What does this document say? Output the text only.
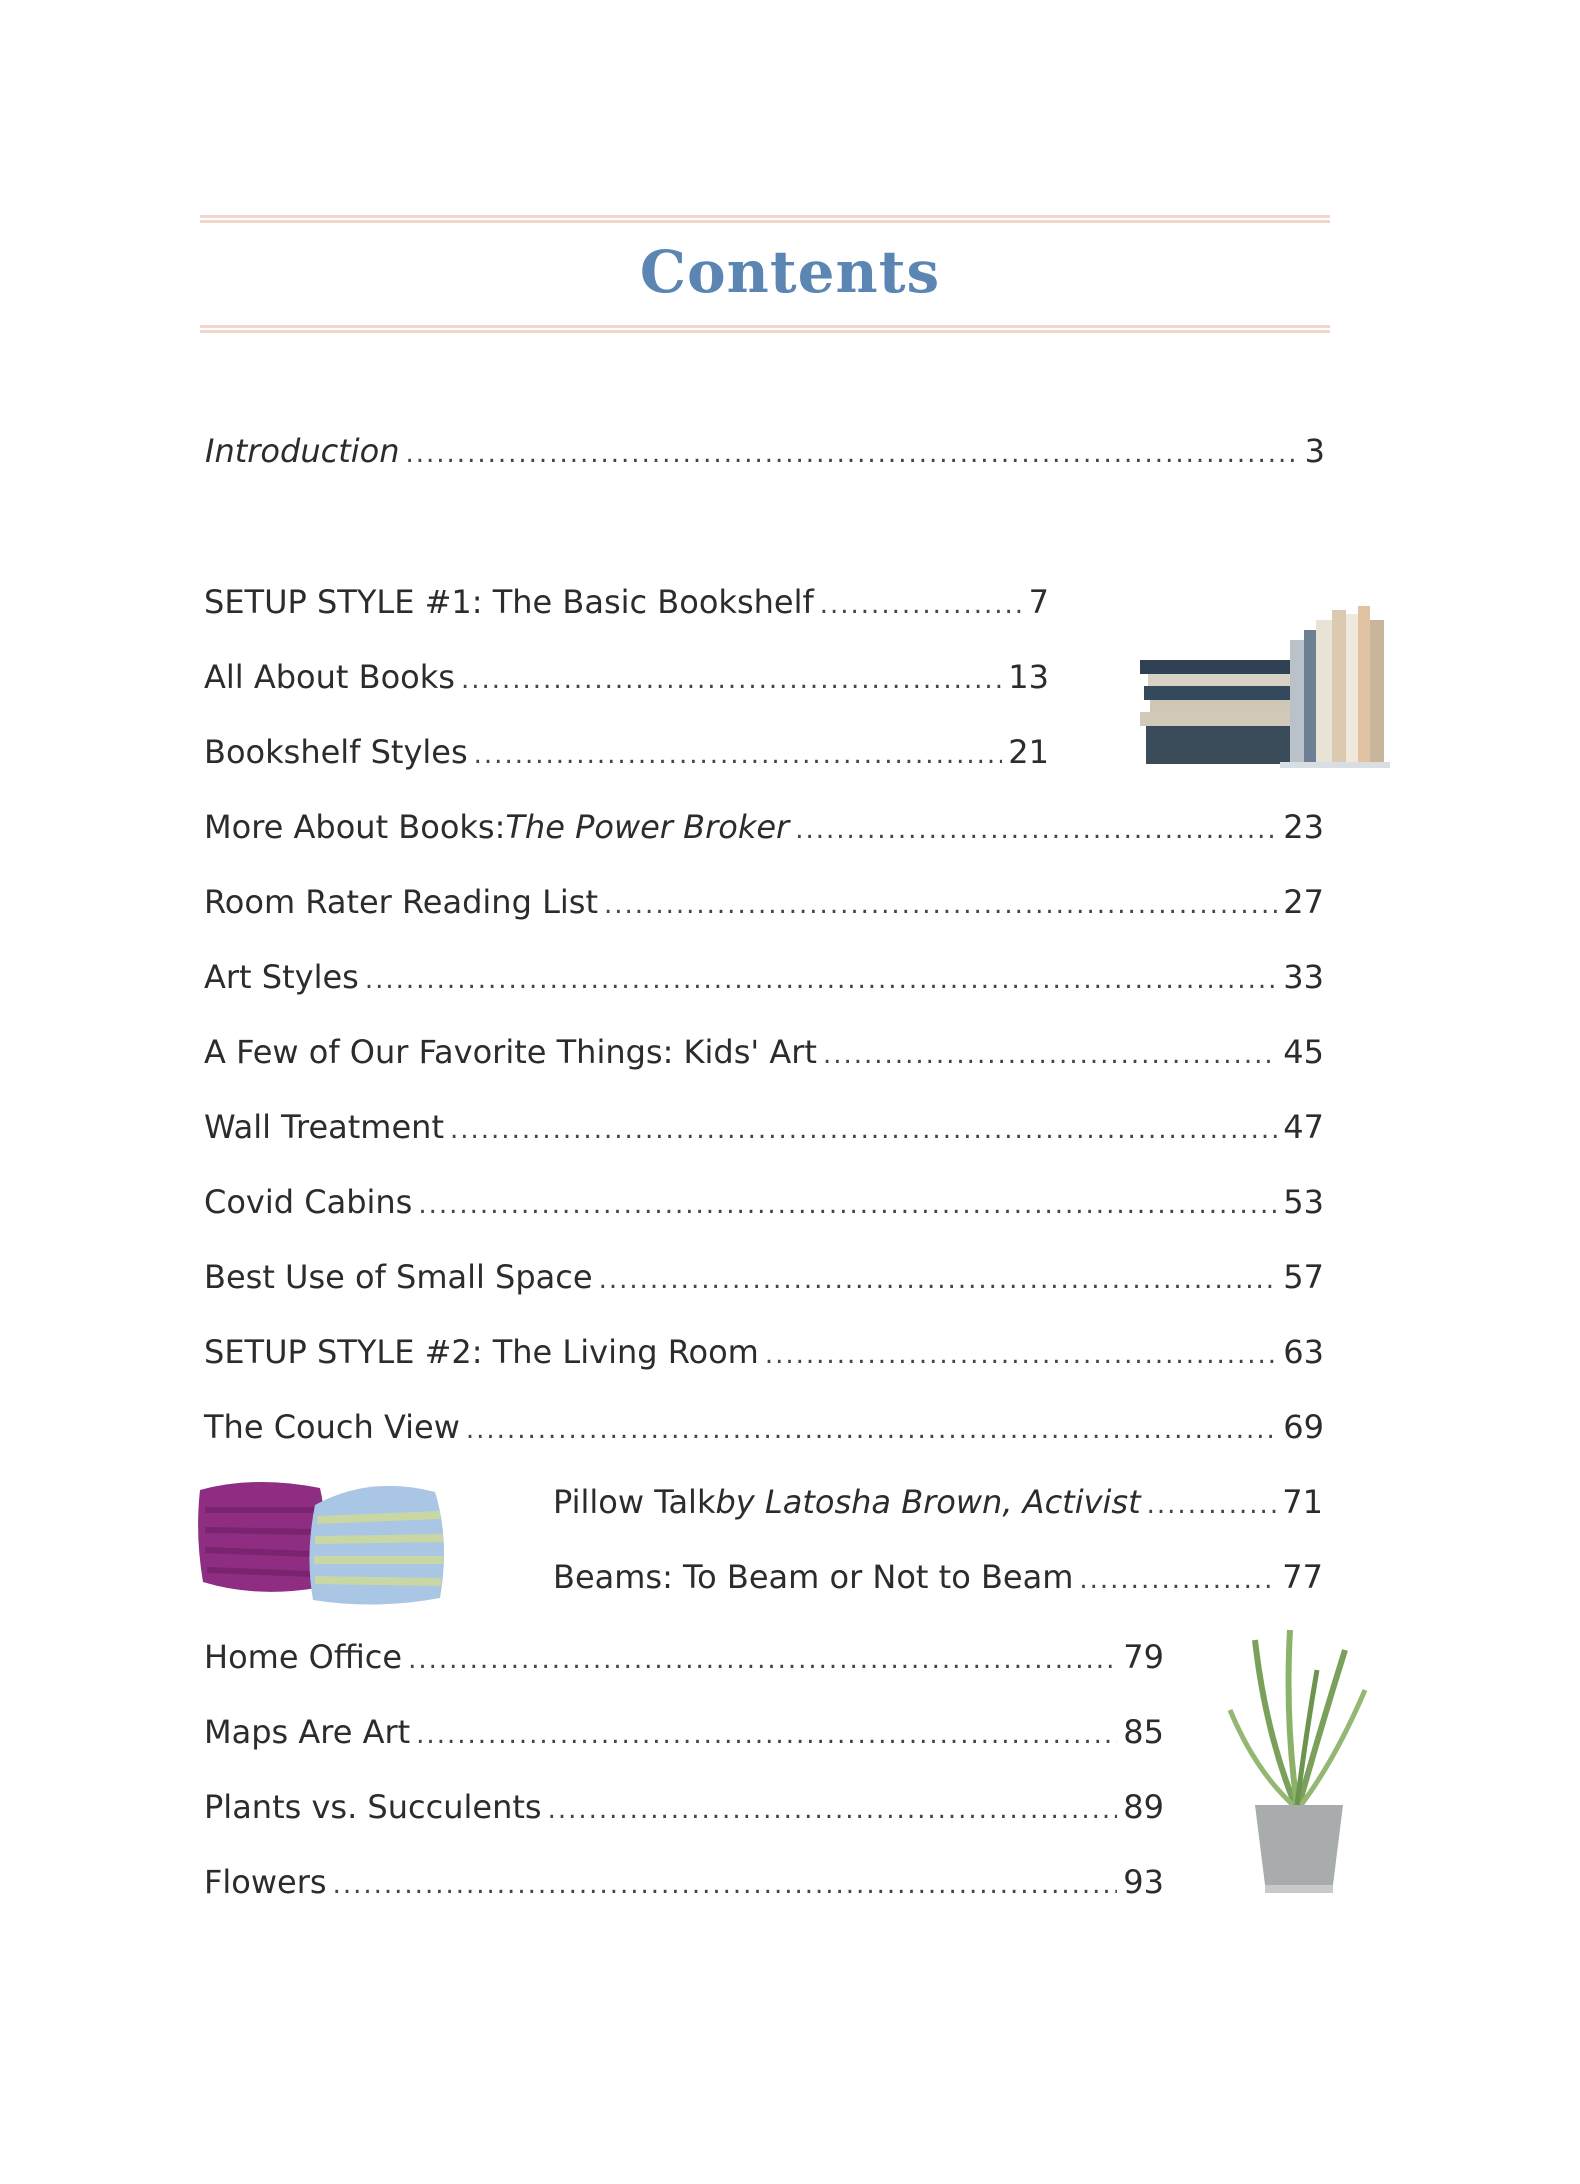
Contents
Introduction .....	3
SETUP STYLE #1: The Basic Bookshelf .....	7
All About Books .....	13
Bookshelf Styles .....	21
More About Books: The Power Broker .....	23
Room Rater Reading List .....	27
Art Styles .....	33
A Few of Our Favorite Things: Kids' Art .....	45
Wall Treatment .....	47
Covid Cabins .....	53
Best Use of Small Space .....	57
SETUP STYLE #2: The Living Room .....	63
The Couch View .....	69
Pillow Talk by Latosha Brown, Activist .....	71
Beams: To Beam or Not to Beam .....	77
Home Office .....	79
Maps Are Art .....	85
Plants vs. Succulents .....	89
Flowers .....	93
